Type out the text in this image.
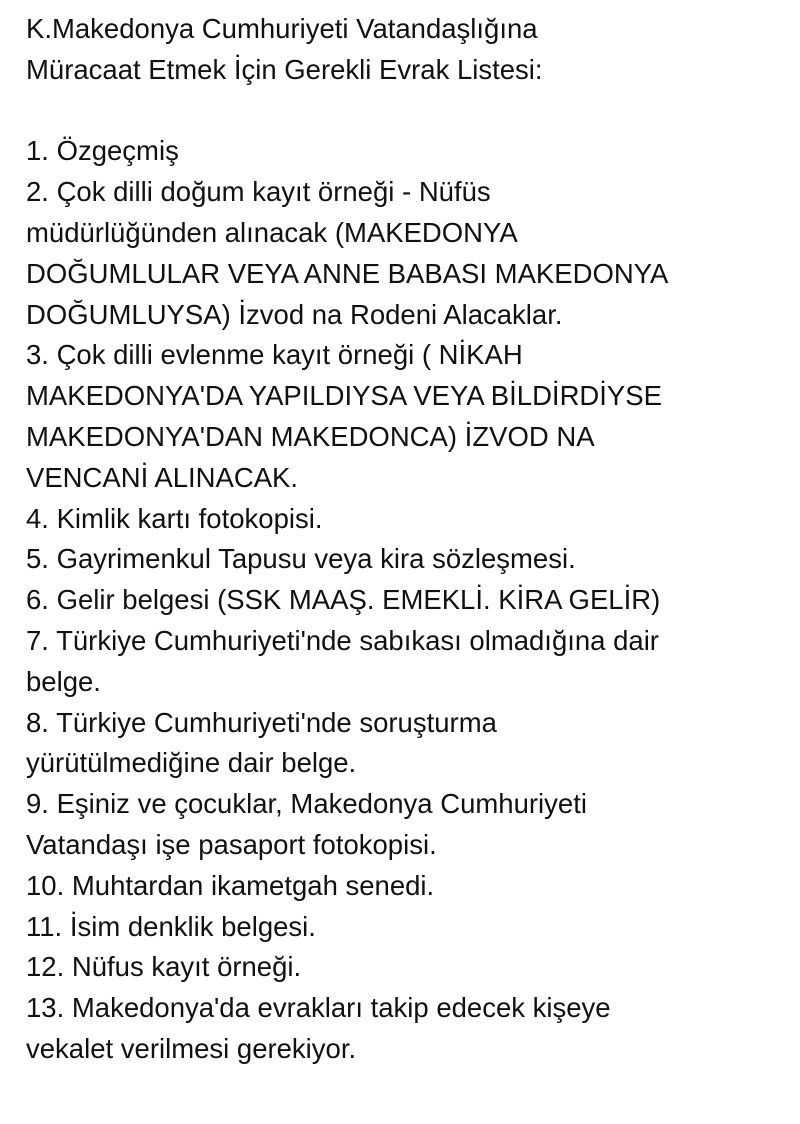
K.Makedonya Cumhuriyeti Vatandaşlığına
Müracaat Etmek İçin Gerekli Evrak Listesi:
1. Özgeçmiş
2. Çok dilli doğum kayıt örneği - Nüfüs
müdürlüğünden alınacak (MAKEDONYA
DOĞUMLULAR VEYA ANNE BABASI MAKEDONYA
DOĞUMLUYSA) İzvod na Rodeni Alacaklar.
3. Çok dilli evlenme kayıt örneği ( NİKAH
MAKEDONYA'DA YAPILDIYSA VEYA BİLDİRDİYSE
MAKEDONYA'DAN MAKEDONCA) İZVOD NA
VENCANİ ALINACAK.
4. Kimlik kartı fotokopisi.
5. Gayrimenkul Tapusu veya kira sözleşmesi.
6. Gelir belgesi (SSK MAAŞ. EMEKLİ. KİRA GELİR)
7. Türkiye Cumhuriyeti'nde sabıkası olmadığına dair
belge.
8. Türkiye Cumhuriyeti'nde soruşturma
yürütülmediğine dair belge.
9. Eşiniz ve çocuklar, Makedonya Cumhuriyeti
Vatandaşı işe pasaport fotokopisi.
10. Muhtardan ikametgah senedi.
11. İsim denklik belgesi.
12. Nüfus kayıt örneği.
13. Makedonya'da evrakları takip edecek kişeye
vekalet verilmesi gerekiyor.
